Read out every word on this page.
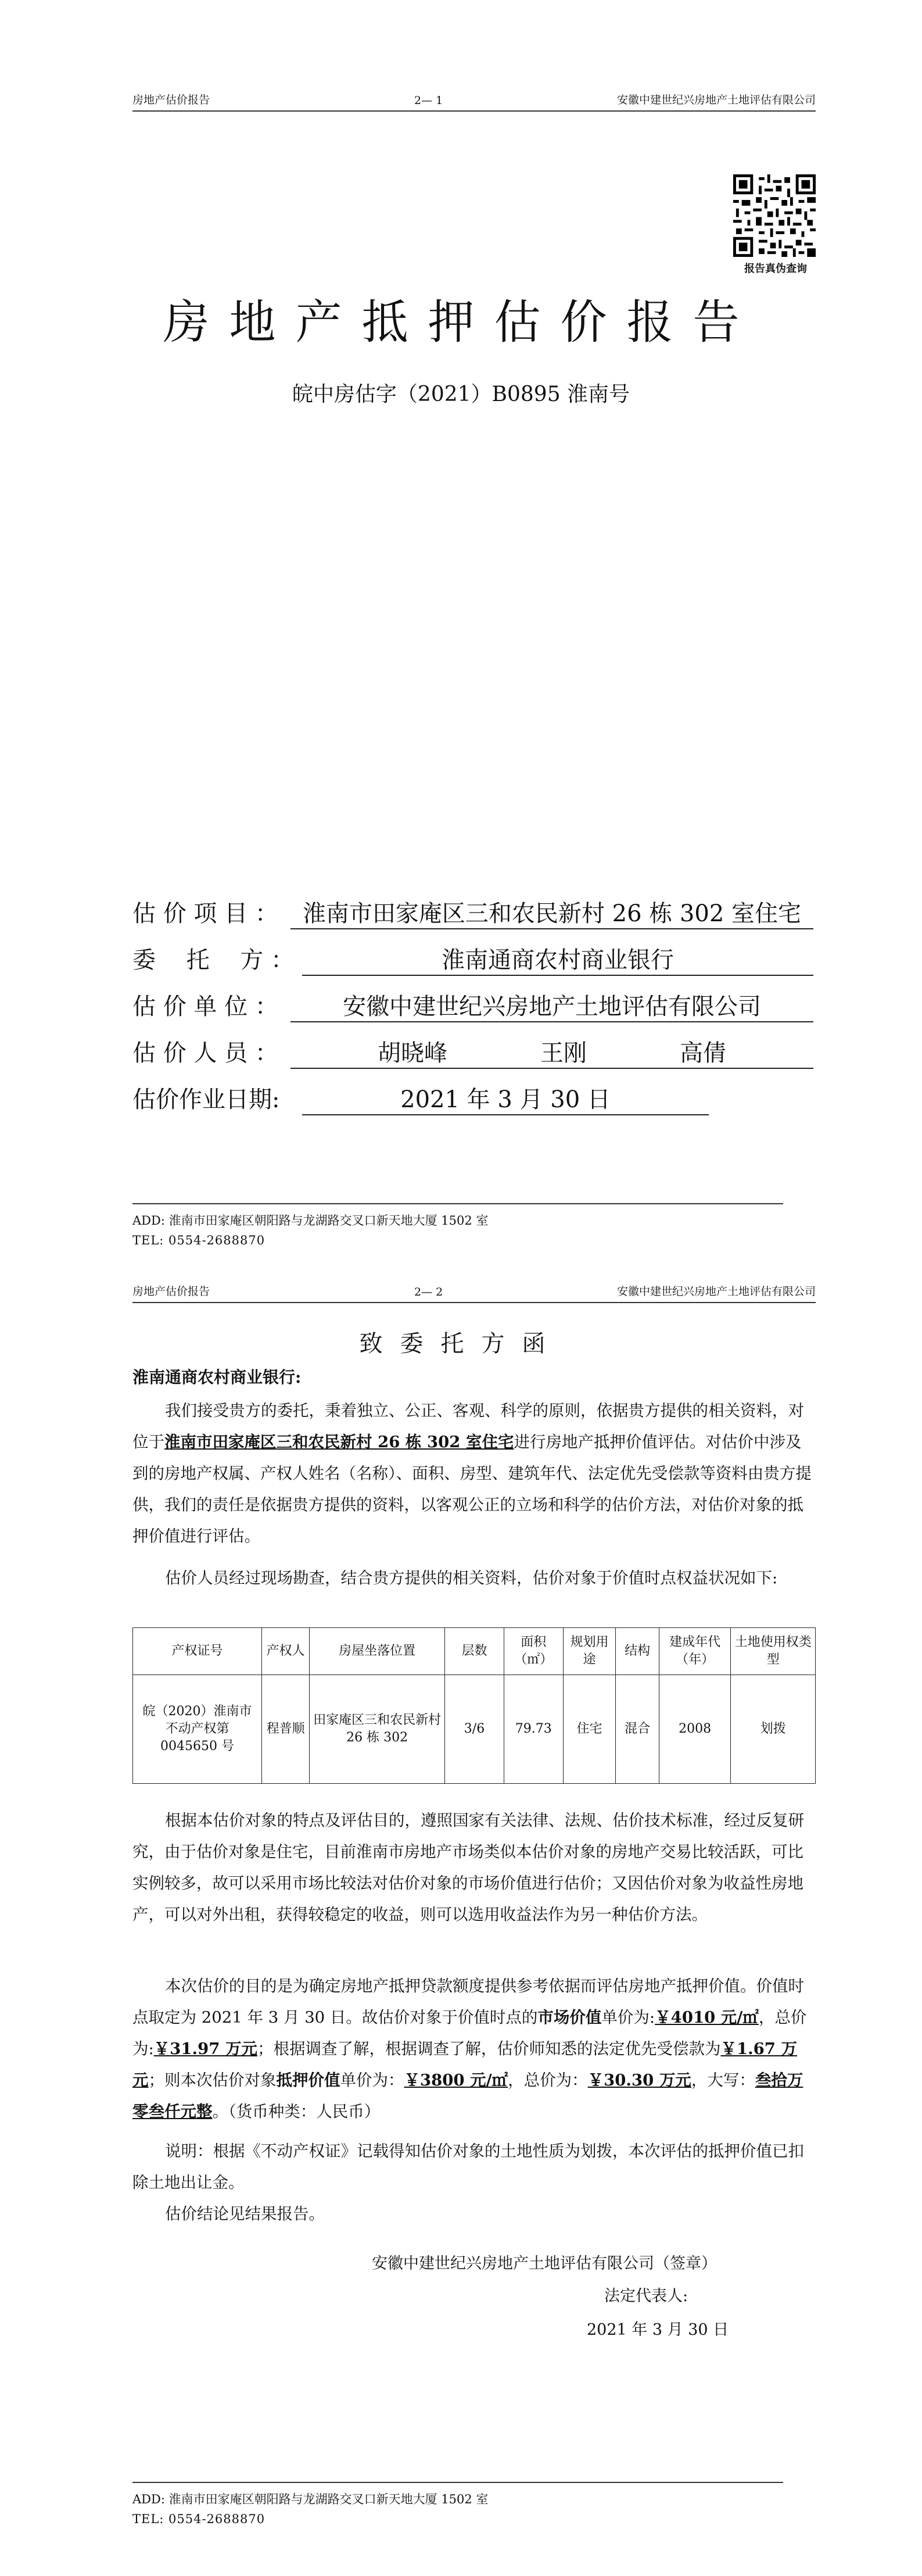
房地产估价报告	2— 1	安徽中建世纪兴房地产土地评估有限公司
报告真伪查询
房地产抵押估价报告
皖中房估字（2021）B0895 淮南号
估 价 项 目 ：	淮南市田家庵区三和农民新村 26 栋 302 室住宅
委　 托　 方 ：	淮南通商农村商业银行
估 价 单 位 ：	安徽中建世纪兴房地产土地评估有限公司
估 价 人 员 ：	胡晓峰　　　　王刚　　　　高倩
估价作业日期:	2021 年 3 月 30 日
ADD: 淮南市田家庵区朝阳路与龙湖路交叉口新天地大厦 1502 室
TEL: 0554-2688870
房地产估价报告	2— 2	安徽中建世纪兴房地产土地评估有限公司
致委托方函
淮南通商农村商业银行:

我们接受贵方的委托，秉着独立、公正、客观、科学的原则，依据贵方提供的相关资料，对位于淮南市田家庵区三和农民新村 26 栋 302 室住宅进行房地产抵押价值评估。对估价中涉及到的房地产权属、产权人姓名（名称）、面积、房型、建筑年代、法定优先受偿款等资料由贵方提供，我们的责任是依据贵方提供的资料，以客观公正的立场和科学的估价方法，对估价对象的抵押价值进行评估。

估价人员经过现场勘查，结合贵方提供的相关资料，估价对象于价值时点权益状况如下:

产权证号	产权人	房屋坐落位置	层数	面积（㎡）	规划用途	结构	建成年代（年）	土地使用权类型
皖（2020）淮南市不动产权第 0045650 号	程普顺	田家庵区三和农民新村 26 栋 302	3/6	79.73	住宅	混合	2008	划拨

根据本估价对象的特点及评估目的，遵照国家有关法律、法规、估价技术标准，经过反复研究，由于估价对象是住宅，目前淮南市房地产市场类似本估价对象的房地产交易比较活跃，可比实例较多，故可以采用市场比较法对估价对象的市场价值进行估价；又因估价对象为收益性房地产，可以对外出租，获得较稳定的收益，则可以选用收益法作为另一种估价方法。

本次估价的目的是为确定房地产抵押贷款额度提供参考依据而评估房地产抵押价值。价值时点取定为 2021 年 3 月 30 日。故估价对象于价值时点的市场价值单价为:￥4010 元/㎡，总价为:￥31.97 万元；根据调查了解，根据调查了解，估价师知悉的法定优先受偿款为￥1.67 万元；则本次估价对象抵押价值单价为：￥3800 元/㎡，总价为：￥30.30 万元，大写：叁拾万零叁仟元整。（货币种类：人民币）

说明：根据《不动产权证》记载得知估价对象的土地性质为划拨，本次评估的抵押价值已扣除土地出让金。

估价结论见结果报告。

安徽中建世纪兴房地产土地评估有限公司（签章）
法定代表人:
2021 年 3 月 30 日
ADD: 淮南市田家庵区朝阳路与龙湖路交叉口新天地大厦 1502 室
TEL: 0554-2688870
